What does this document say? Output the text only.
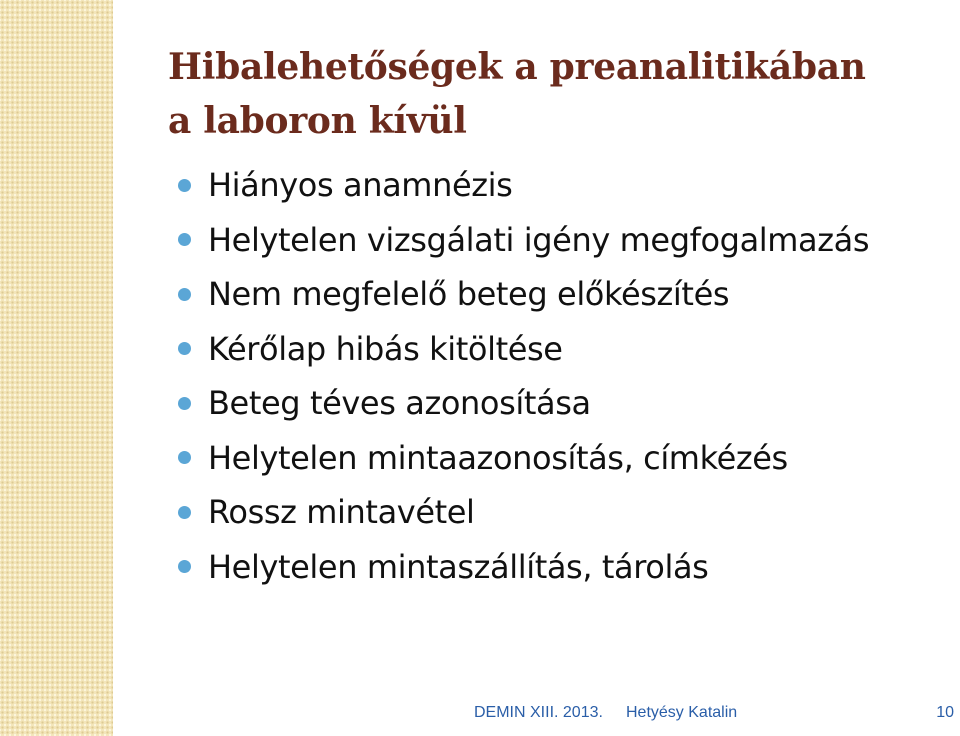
Hibalehetőségek a preanalitikában
a laboron kívül
Hiányos anamnézis
Helytelen vizsgálati igény megfogalmazás
Nem megfelelő beteg előkészítés
Kérőlap hibás kitöltése
Beteg téves azonosítása
Helytelen mintaazonosítás, címkézés
Rossz mintavétel
Helytelen mintaszállítás, tárolás
DEMIN XIII. 2013. Hetyésy Katalin	10
